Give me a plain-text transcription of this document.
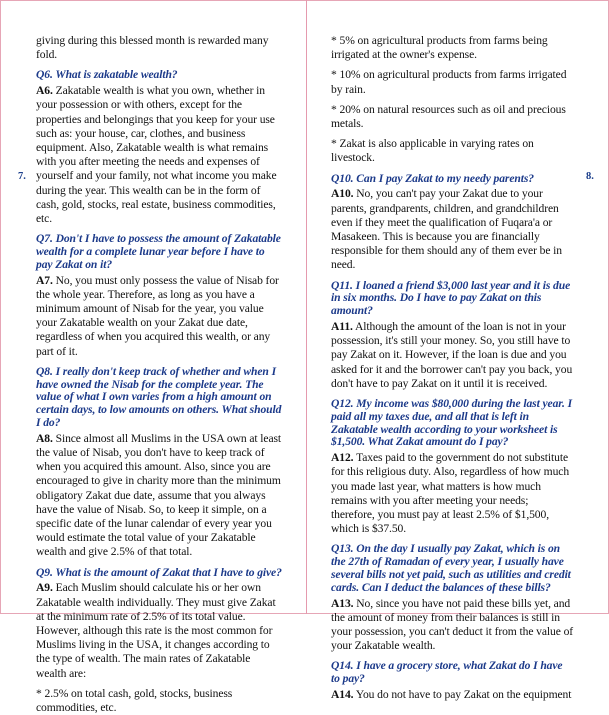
7.	8.

giving during this blessed month is rewarded many fold.

Q6. What is zakatable wealth?

A6. Zakatable wealth is what you own, whether in your possession or with others, except for the properties and belongings that you keep for your use such as: your house, car, clothes, and business equipment. Also, Zakatable wealth is what remains with you after meeting the needs and expenses of yourself and your family, not what income you make during the year. This wealth can be in the form of cash, gold, stocks, real estate, business commodities, etc.

Q7. Don't I have to possess the amount of Zakatable wealth for a complete lunar year before I have to pay Zakat on it?

A7. No, you must only possess the value of Nisab for the whole year. Therefore, as long as you have a minimum amount of Nisab for the year, you value your Zakatable wealth on your Zakat due date, regardless of when you acquired this wealth, or any part of it.

Q8. I really don't keep track of whether and when I have owned the Nisab for the complete year. The value of what I own varies from a high amount on certain days, to low amounts on others. What should I do?

A8. Since almost all Muslims in the USA own at least the value of Nisab, you don't have to keep track of when you acquired this amount. Also, since you are encouraged to give in charity more than the minimum obligatory Zakat due date, assume that you always have the value of Nisab. So, to keep it simple, on a specific date of the lunar calendar of every year you would estimate the total value of your Zakatable wealth and give 2.5% of that total.

Q9. What is the amount of Zakat that I have to give?

A9. Each Muslim should calculate his or her own Zakatable wealth individually. They must give Zakat at the minimum rate of 2.5% of its total value. However, although this rate is the most common for Muslims living in the USA, it changes according to the type of wealth. The main rates of Zakatable wealth are:

* 2.5% on total cash, gold, stocks, business commodities, etc.

* 5% on agricultural products from farms being irrigated at the owner's expense.

* 10% on agricultural products from farms irrigated by rain.

* 20% on natural resources such as oil and precious metals.

* Zakat is also applicable in varying rates on livestock.

Q10. Can I pay Zakat to my needy parents?

A10. No, you can't pay your Zakat due to your parents, grandparents, children, and grandchildren even if they meet the qualification of Fuqara'a or Masakeen. This is because you are financially responsible for them should any of them ever be in need.

Q11. I loaned a friend $3,000 last year and it is due in six months. Do I have to pay Zakat on this amount?

A11. Although the amount of the loan is not in your possession, it's still your money. So, you still have to pay Zakat on it. However, if the loan is due and you asked for it and the borrower can't pay you back, you don't have to pay Zakat on it until it is received.

Q12. My income was $80,000 during the last year. I paid all my taxes due, and all that is left in Zakatable wealth according to your worksheet is $1,500. What Zakat amount do I pay?

A12. Taxes paid to the government do not substitute for this religious duty. Also, regardless of how much you made last year, what matters is how much remains with you after meeting your needs; therefore, you must pay at least 2.5% of $1,500, which is $37.50.

Q13. On the day I usually pay Zakat, which is on the 27th of Ramadan of every year, I usually have several bills not yet paid, such as utilities and credit cards. Can I deduct the balances of these bills?

A13. No, since you have not paid these bills yet, and the amount of money from their balances is still in your possession, you can't deduct it from the value of your Zakatable wealth.

Q14. I have a grocery store, what Zakat do I have to pay?

A14. You do not have to pay Zakat on the equipment
